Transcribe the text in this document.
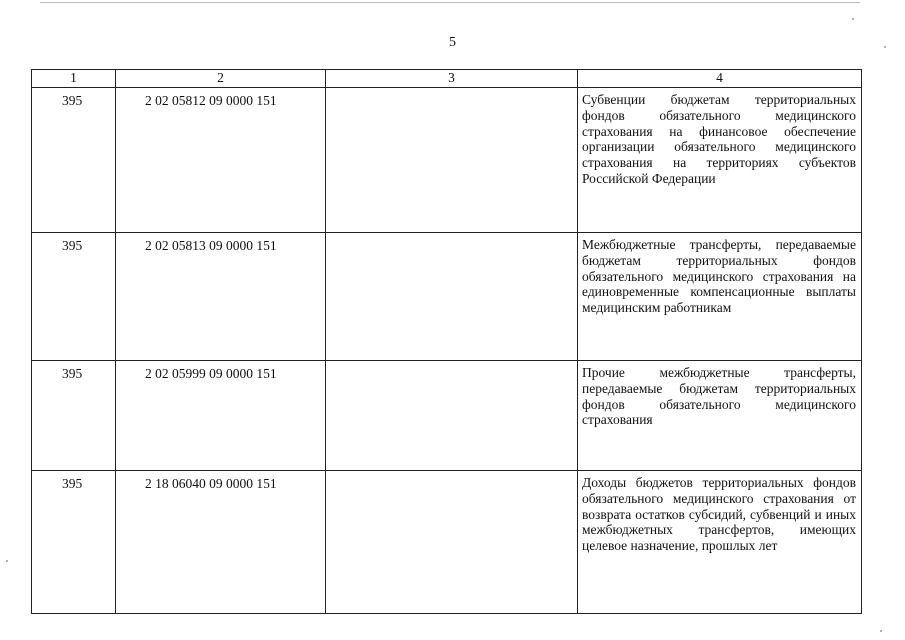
5
1	2	3	4
395	2 02 05812 09 0000 151		Субвенции бюджетам территориальных фондов обязательного медицинского страхования на финансовое обеспечение организации обязательного медицинского страхования на территориях субъектов Российской Федерации
395	2 02 05813 09 0000 151		Межбюджетные трансферты, передаваемые бюджетам территориальных фондов обязательного медицинского страхования на единовременные компенсационные выплаты медицинским работникам
395	2 02 05999 09 0000 151		Прочие межбюджетные трансферты, передаваемые бюджетам территориальных фондов обязательного медицинского страхования
395	2 18 06040 09 0000 151		Доходы бюджетов территориальных фондов обязательного медицинского страхования от возврата остатков субсидий, субвенций и иных межбюджетных трансфертов, имеющих целевое назначение, прошлых лет
